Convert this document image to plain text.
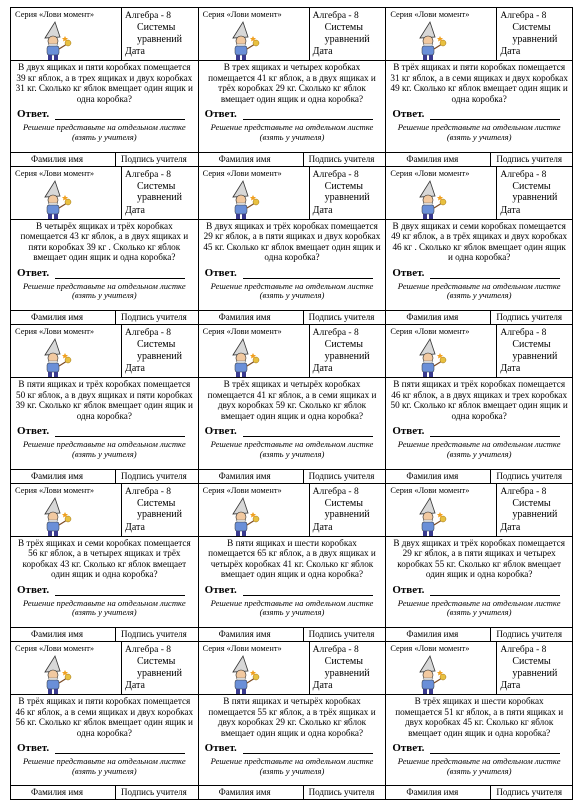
Серия «Лови момент»	Алгебра - 8
Системы уравнений
Дата
В двух ящиках и пяти коробках помещается 39 кг яблок, а в трех ящиках и двух коробках 31 кг. Сколько кг яблок вмещает один ящик и одна коробка?
Ответ.
Решение представьте на отдельном листке (взять у учителя)
Фамилия имя	Подпись учителя
Серия «Лови момент»	Алгебра - 8
Системы уравнений
Дата
В трех ящиках и четырех коробках помещается 41 кг яблок, а в двух ящиках и трёх коробках 29 кг. Сколько кг яблок вмещает один ящик и одна коробка?
Ответ.
Решение представьте на отдельном листке (взять у учителя)
Фамилия имя	Подпись учителя
Серия «Лови момент»	Алгебра - 8
Системы уравнений
Дата
В трёх ящиках и пяти коробках помещается 31 кг яблок, а в семи ящиках и двух коробках 49 кг. Сколько кг яблок вмещает один ящик и одна коробка?
Ответ.
Решение представьте на отдельном листке (взять у учителя)
Фамилия имя	Подпись учителя
Серия «Лови момент»	Алгебра - 8
Системы уравнений
Дата
В четырёх ящиках и трёх коробках помещается 43 кг яблок, а в двух ящиках и пяти коробках 39 кг . Сколько кг яблок вмещает один ящик и одна коробка?
Ответ.
Решение представьте на отдельном листке (взять у учителя)
Фамилия имя	Подпись учителя
Серия «Лови момент»	Алгебра - 8
Системы уравнений
Дата
В двух ящиках и трёх коробках помещается 29 кг яблок, а в пяти ящиках и двух коробках 45 кг. Сколько кг яблок вмещает один ящик и одна коробка?
Ответ.
Решение представьте на отдельном листке (взять у учителя)
Фамилия имя	Подпись учителя
Серия «Лови момент»	Алгебра - 8
Системы уравнений
Дата
В двух ящиках и семи коробках помещается 49 кг яблок, а в трёх ящиках и двух коробках 46 кг . Сколько кг яблок вмещает один ящик и одна коробка?
Ответ.
Решение представьте на отдельном листке (взять у учителя)
Фамилия имя	Подпись учителя
Серия «Лови момент»	Алгебра - 8
Системы уравнений
Дата
В пяти ящиках и трёх коробках помещается 50 кг яблок, а в двух ящиках и пяти коробках 39 кг. Сколько кг яблок вмещает один ящик и одна коробка?
Ответ.
Решение представьте на отдельном листке (взять у учителя)
Фамилия имя	Подпись учителя
Серия «Лови момент»	Алгебра - 8
Системы уравнений
Дата
В трёх ящиках и четырёх коробках помещается 41 кг яблок, а в семи ящиках и двух коробках 59 кг. Сколько кг яблок вмещает один ящик и одна коробка?
Ответ.
Решение представьте на отдельном листке (взять у учителя)
Фамилия имя	Подпись учителя
Серия «Лови момент»	Алгебра - 8
Системы уравнений
Дата
В пяти ящиках и трёх коробках помещается 46 кг яблок, а в двух ящиках и трех коробках 50 кг. Сколько кг яблок вмещает один ящик и одна коробка?
Ответ.
Решение представьте на отдельном листке (взять у учителя)
Фамилия имя	Подпись учителя
Серия «Лови момент»	Алгебра - 8
Системы уравнений
Дата
В трёх ящиках и семи коробках помещается 56 кг яблок, а в четырех ящиках и трёх коробках 43 кг. Сколько кг яблок вмещает один ящик и одна коробка?
Ответ.
Решение представьте на отдельном листке (взять у учителя)
Фамилия имя	Подпись учителя
Серия «Лови момент»	Алгебра - 8
Системы уравнений
Дата
В пяти ящиках и шести коробках помещается 65 кг яблок, а в двух ящиках и четырёх коробках 41 кг. Сколько кг яблок вмещает один ящик и одна коробка?
Ответ.
Решение представьте на отдельном листке (взять у учителя)
Фамилия имя	Подпись учителя
Серия «Лови момент»	Алгебра - 8
Системы уравнений
Дата
В двух ящиках и трёх коробках помещается 29 кг яблок, а в пяти ящиках и четырех коробках 55 кг. Сколько кг яблок вмещает один ящик и одна коробка?
Ответ.
Решение представьте на отдельном листке (взять у учителя)
Фамилия имя	Подпись учителя
Серия «Лови момент»	Алгебра - 8
Системы уравнений
Дата
В трёх ящиках и пяти коробках помещается 46 кг яблок, а в семи ящиках и двух коробках 56 кг. Сколько кг яблок вмещает один ящик и одна коробка?
Ответ.
Решение представьте на отдельном листке (взять у учителя)
Фамилия имя	Подпись учителя
Серия «Лови момент»	Алгебра - 8
Системы уравнений
Дата
В пяти ящиках и четырёх коробках помещается 55 кг яблок, а в трёх ящиках и двух коробках 29 кг. Сколько кг яблок вмещает один ящик и одна коробка?
Ответ.
Решение представьте на отдельном листке (взять у учителя)
Фамилия имя	Подпись учителя
Серия «Лови момент»	Алгебра - 8
Системы уравнений
Дата
В трёх ящиках и шести коробках помещается 51 кг яблок, а в пяти ящиках и двух коробках 45 кг. Сколько кг яблок вмещает один ящик и одна коробка?
Ответ.
Решение представьте на отдельном листке (взять у учителя)
Фамилия имя	Подпись учителя
